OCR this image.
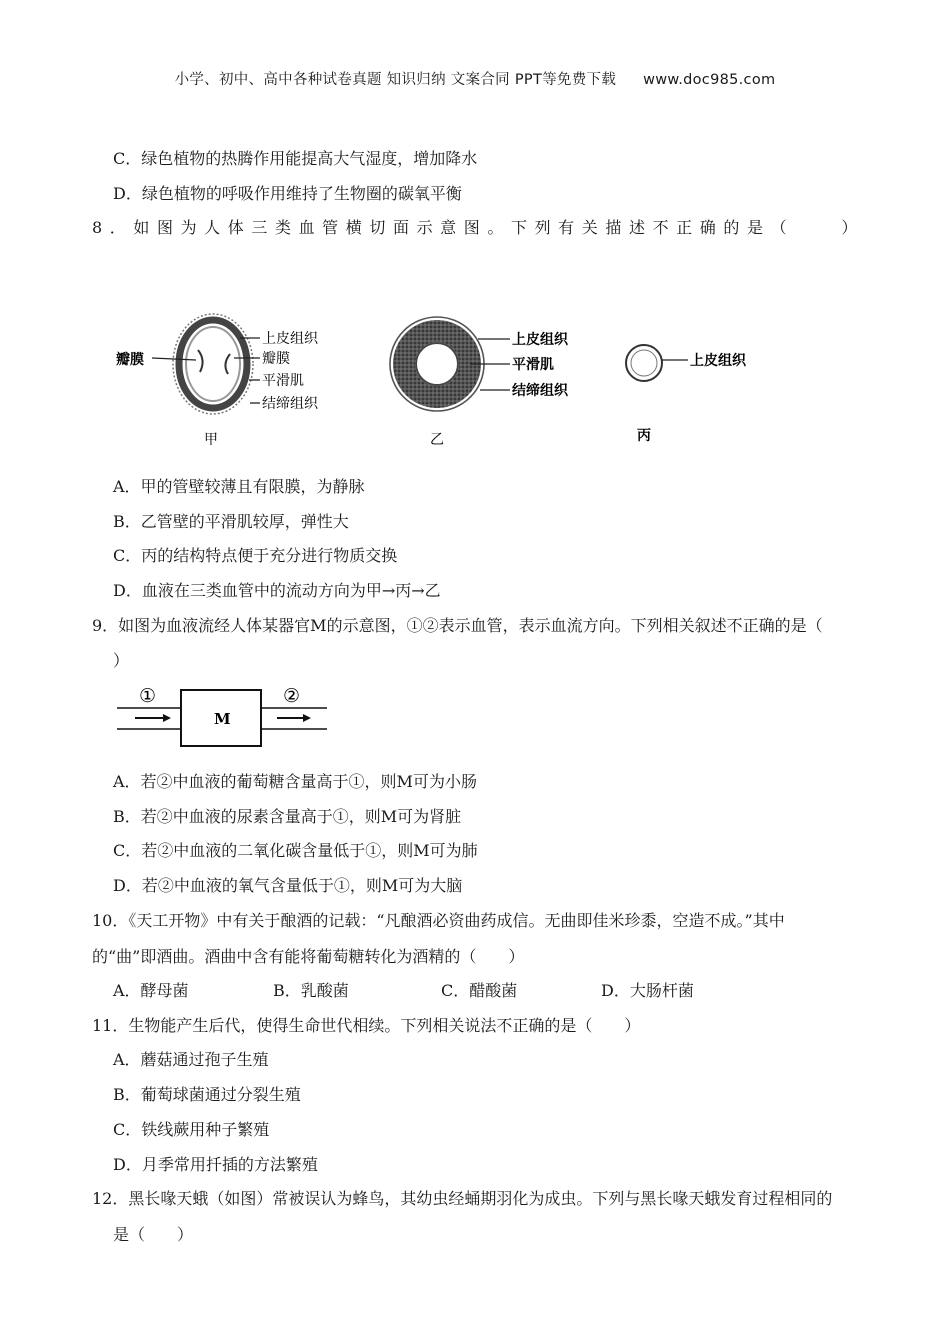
小学、初中、高中各种试卷真题 知识归纳 文案合同 PPT等免费下载 www.doc985.com
C．绿色植物的热腾作用能提高大气湿度，增加降水
D．绿色植物的呼吸作用维持了生物圈的碳氧平衡
8．如图为人体三类血管横切面示意图。下列有关描述不正确的是（　　）
瓣膜
上皮组织
瓣膜
平滑肌
结缔组织
甲
上皮组织
平滑肌
结缔组织
乙
上皮组织
丙
A．甲的管壁较薄且有限膜，为静脉
B．乙管壁的平滑肌较厚，弹性大
C．丙的结构特点便于充分进行物质交换
D．血液在三类血管中的流动方向为甲→丙→乙
9．如图为血液流经人体某器官M的示意图，①②表示血管，表示血流方向。下列相关叙述不正确的是（
）
①
M
②
A．若②中血液的葡萄糖含量高于①，则M可为小肠
B．若②中血液的尿素含量高于①，则M可为肾脏
C．若②中血液的二氧化碳含量低于①，则M可为肺
D．若②中血液的氧气含量低于①，则M可为大脑
10．《天工开物》中有关于酿酒的记载：“凡酿酒必资曲药成信。无曲即佳米珍黍，空造不成。”其中
的“曲”即酒曲。酒曲中含有能将葡萄糖转化为酒精的（　　）
A．酵母菌	B．乳酸菌	C．醋酸菌	D．大肠杆菌
11．生物能产生后代，使得生命世代相续。下列相关说法不正确的是（　　）
A．蘑菇通过孢子生殖
B．葡萄球菌通过分裂生殖
C．铁线蕨用种子繁殖
D．月季常用扦插的方法繁殖
12．黑长喙天蛾（如图）常被误认为蜂鸟，其幼虫经蛹期羽化为成虫。下列与黑长喙天蛾发育过程相同的
是（　　）
